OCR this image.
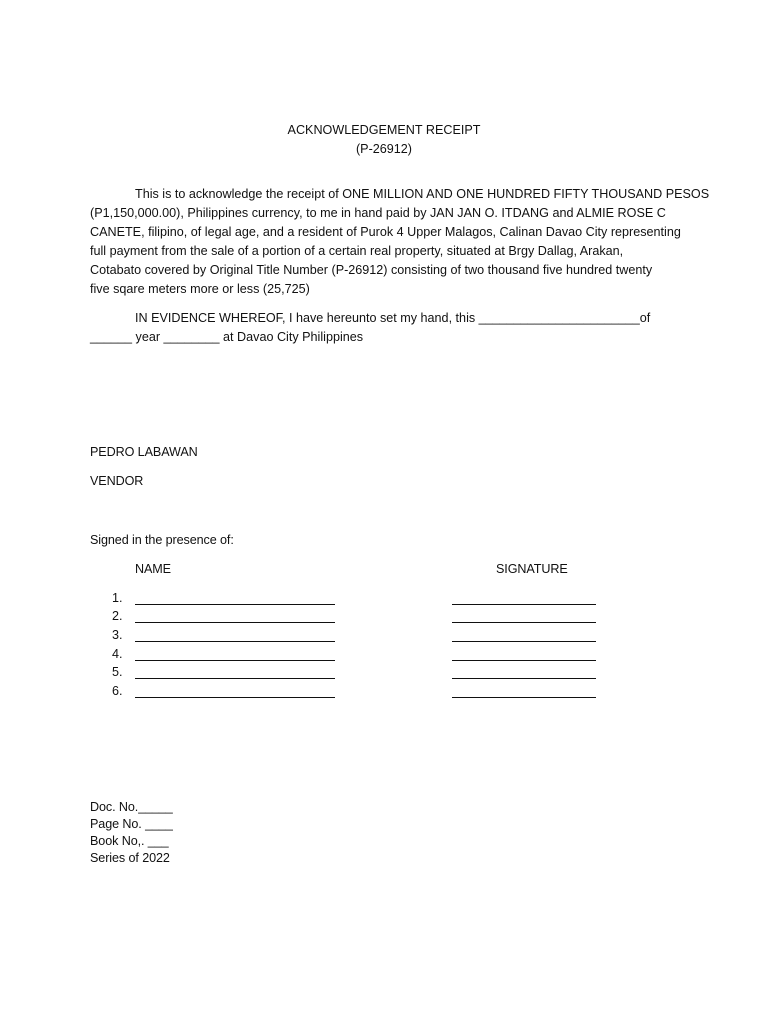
ACKNOWLEDGEMENT RECEIPT
(P-26912)
This is to acknowledge the receipt of ONE MILLION AND ONE HUNDRED FIFTY THOUSAND PESOS
(P1,150,000.00), Philippines currency, to me in hand paid by JAN JAN O. ITDANG and ALMIE ROSE C
CANETE, filipino, of legal age, and a resident of Purok 4 Upper Malagos, Calinan Davao City representing
full payment from the sale of a portion of a certain real property, situated at Brgy Dallag, Arakan,
Cotabato covered by Original Title Number (P-26912) consisting of two thousand five hundred twenty
five sqare meters more or less (25,725)
IN EVIDENCE WHEREOF, I have hereunto set my hand, this _______________________of
______ year ________ at Davao City Philippines
PEDRO LABAWAN
VENDOR
Signed in the presence of:
NAME	SIGNATURE
1.
2.
3.
4.
5.
6.
Doc. No._____
Page No. ____
Book No,. ___
Series of 2022
